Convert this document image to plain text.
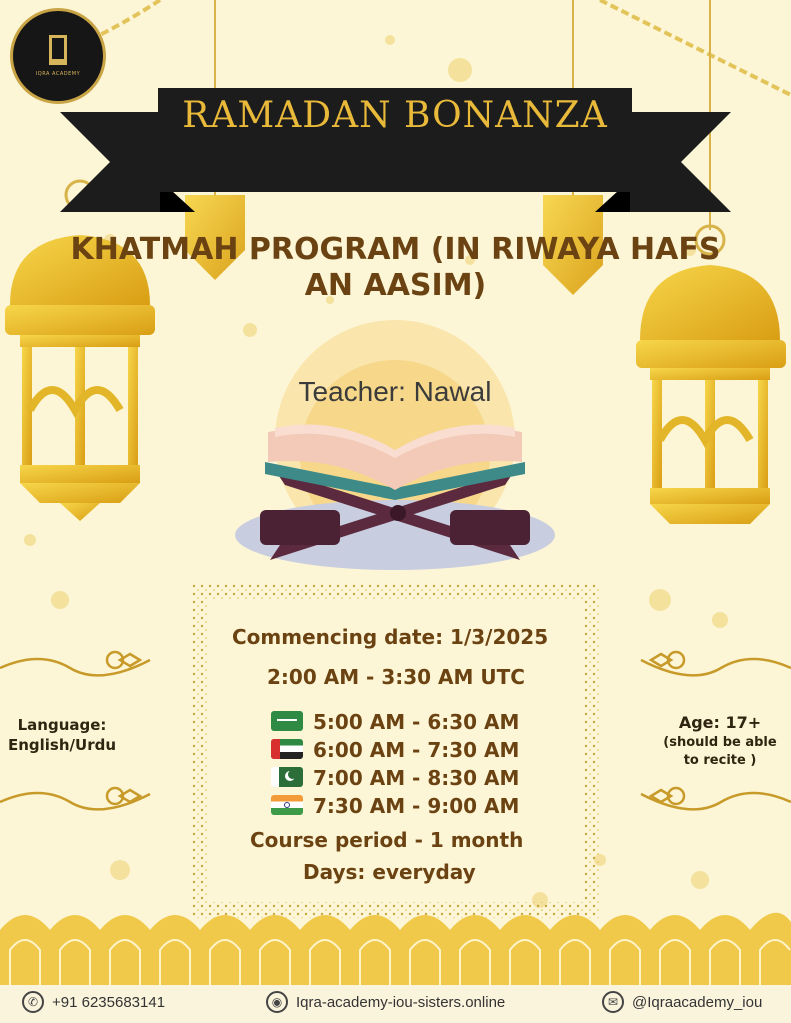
IQRA ACADEMY
RAMADAN BONANZA
KHATMAH PROGRAM (IN RIWAYA HAFS
AN AASIM)
Teacher: Nawal
Commencing date: 1/3/2025
2:00 AM - 3:30 AM UTC
5:00 AM - 6:30 AM
6:00 AM - 7:30 AM
7:00 AM - 8:30 AM
7:30 AM - 9:00 AM
Course period - 1 month
Days: everyday
Language:
English/Urdu
Age: 17+
(should be able
to recite )
✆ +91 6235683141	◉ Iqra-academy-iou-sisters.online	✉ @Iqraacademy_iou
